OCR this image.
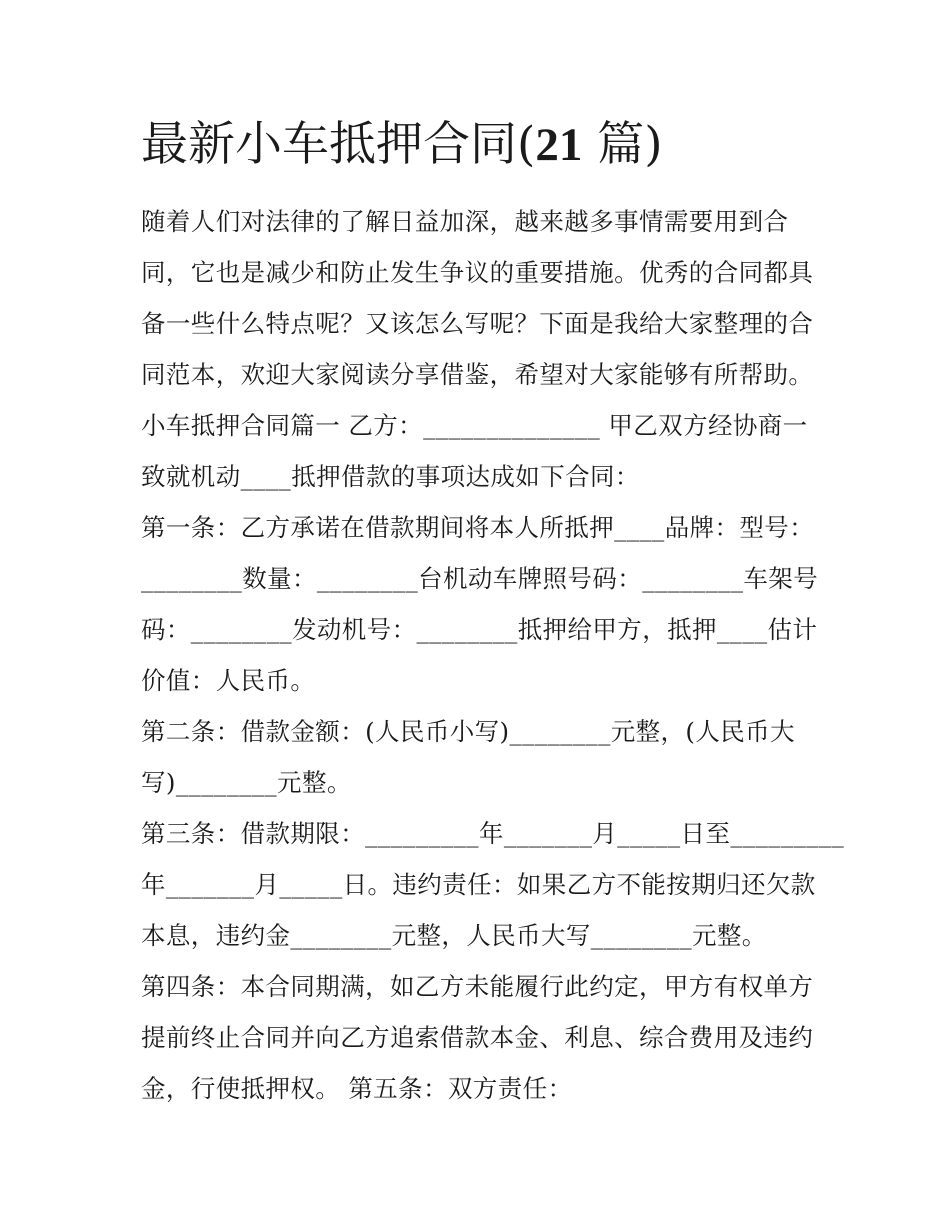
最新小车抵押合同(21 篇)
随着人们对法律的了解日益加深，越来越多事情需要用到合
同，它也是减少和防止发生争议的重要措施。优秀的合同都具
备一些什么特点呢？又该怎么写呢？下面是我给大家整理的合
同范本，欢迎大家阅读分享借鉴，希望对大家能够有所帮助。
小车抵押合同篇一 乙方：______________ 甲乙双方经协商一
致就机动____抵押借款的事项达成如下合同：
第一条：乙方承诺在借款期间将本人所抵押____品牌：型号：
________数量：________台机动车牌照号码：________车架号
码：________发动机号：________抵押给甲方，抵押____估计
价值：人民币。
第二条：借款金额：(人民币小写)________元整，(人民币大
写)________元整。
第三条：借款期限：_________年_______月_____日至_________
年_______月_____日。违约责任：如果乙方不能按期归还欠款
本息，违约金________元整，人民币大写________元整。
第四条：本合同期满，如乙方未能履行此约定，甲方有权单方
提前终止合同并向乙方追索借款本金、利息、综合费用及违约
金，行使抵押权。 第五条：双方责任：
